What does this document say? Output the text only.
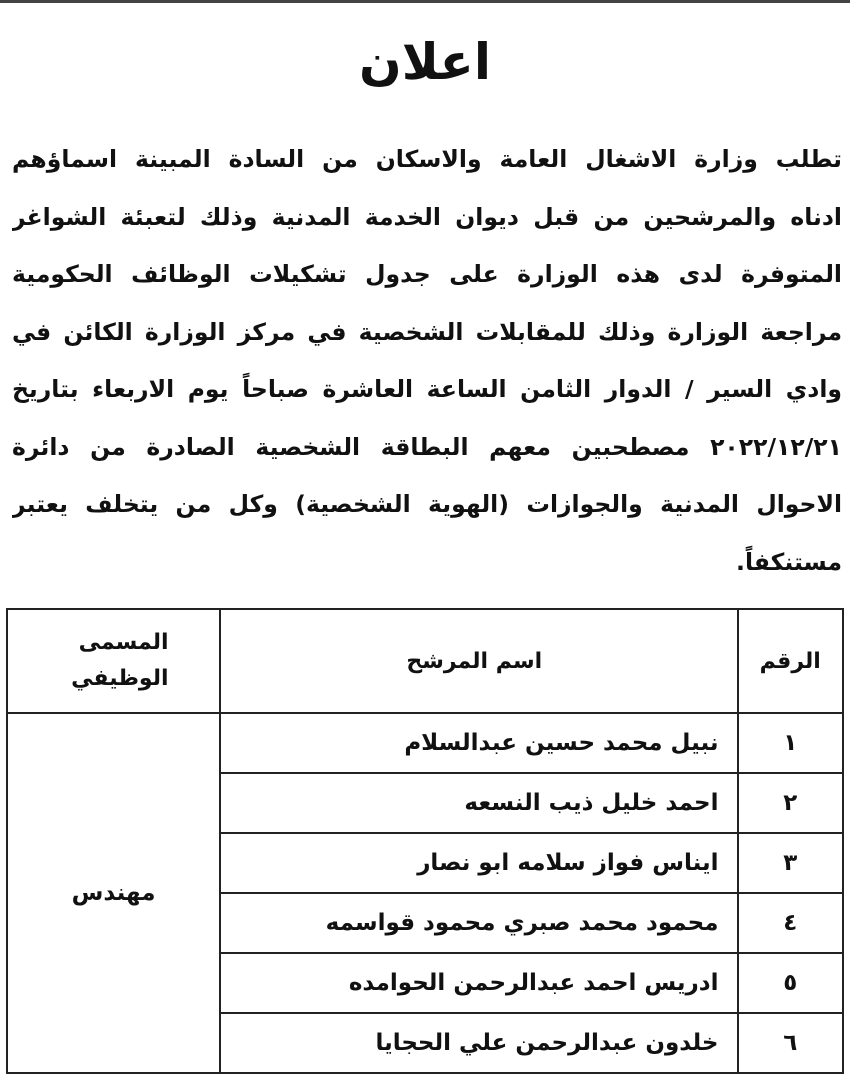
اعلان
تطلب وزارة الاشغال العامة والاسكان من السادة المبينة اسماؤهم
ادناه والمرشحين من قبل ديوان الخدمة المدنية وذلك لتعبئة الشواغر
المتوفرة لدى هذه الوزارة على جدول تشكيلات الوظائف الحكومية
مراجعة الوزارة وذلك للمقابلات الشخصية في مركز الوزارة الكائن في
وادي السير / الدوار الثامن الساعة العاشرة صباحاً يوم الاربعاء بتاريخ
٢٠٢٢/١٢/٢١ مصطحبين معهم البطاقة الشخصية الصادرة من دائرة
الاحوال المدنية والجوازات (الهوية الشخصية) وكل من يتخلف يعتبر
مستنكفاً.
الرقم	اسم المرشح	المسمى الوظيفي
١	نبيل محمد حسين عبدالسلام	مهندس
٢	احمد خليل ذيب النسعه	
٣	ايناس فواز سلامه ابو نصار	
٤	محمود محمد صبري محمود قواسمه	
٥	ادريس احمد عبدالرحمن الحوامده	
٦	خلدون عبدالرحمن علي الحجايا	
